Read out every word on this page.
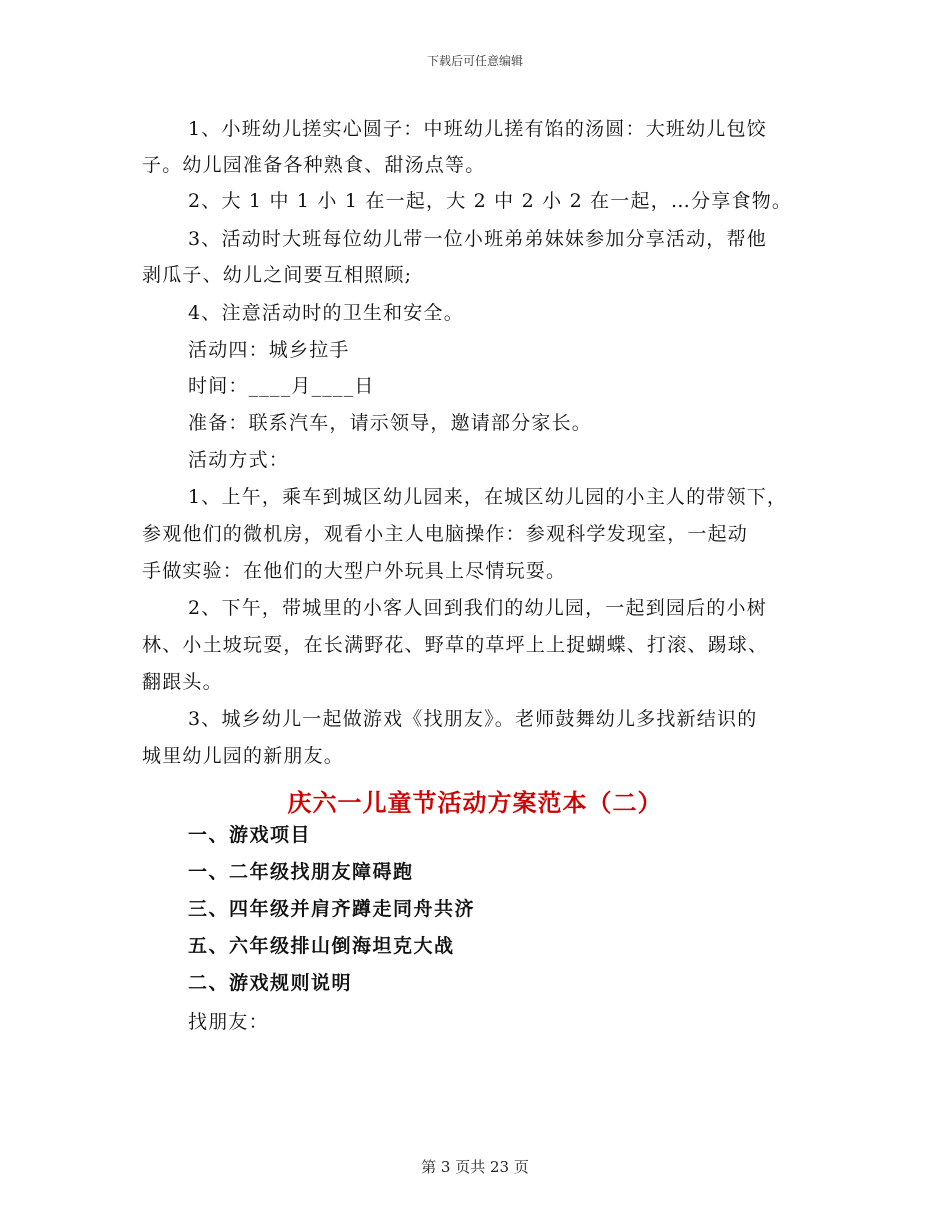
下载后可任意编辑
1、小班幼儿搓实心圆子：中班幼儿搓有馅的汤圆：大班幼儿包饺
子。幼儿园准备各种熟食、甜汤点等。
2、大 1 中 1 小 1 在一起，大 2 中 2 小 2 在一起，…分享食物。
3、活动时大班每位幼儿带一位小班弟弟妹妹参加分享活动，帮他
剥瓜子、幼儿之间要互相照顾;
4、注意活动时的卫生和安全。
活动四：城乡拉手
时间：____月____日
准备：联系汽车，请示领导，邀请部分家长。
活动方式：
1、上午，乘车到城区幼儿园来，在城区幼儿园的小主人的带领下，
参观他们的微机房，观看小主人电脑操作：参观科学发现室，一起动
手做实验：在他们的大型户外玩具上尽情玩耍。
2、下午，带城里的小客人回到我们的幼儿园，一起到园后的小树
林、小土坡玩耍，在长满野花、野草的草坪上上捉蝴蝶、打滚、踢球、
翻跟头。
3、城乡幼儿一起做游戏《找朋友》。老师鼓舞幼儿多找新结识的
城里幼儿园的新朋友。
庆六一儿童节活动方案范本（二）
一、游戏项目
一、二年级找朋友障碍跑
三、四年级并肩齐蹲走同舟共济
五、六年级排山倒海坦克大战
二、游戏规则说明
找朋友：
第 3 页共 23 页
